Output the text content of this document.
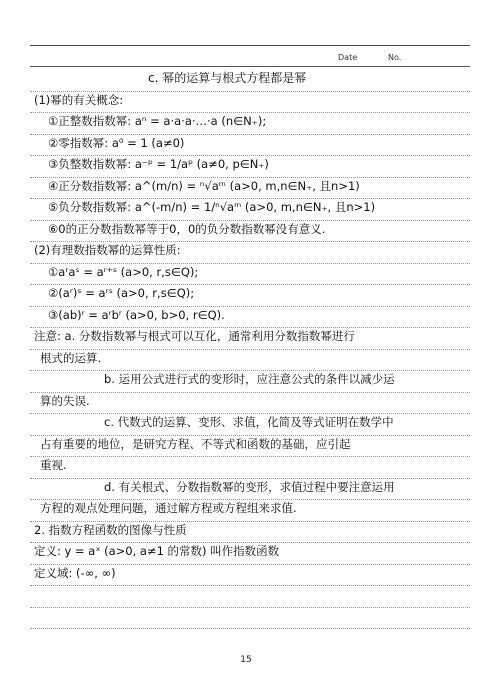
Date	No.
c. 幂的运算与根式方程都是幂
(1)幂的有关概念:
①正整数指数幂: aⁿ = a·a·a·…·a (n∈N₊);
②零指数幂: a⁰ = 1 (a≠0)
③负整数指数幂: a⁻ᵖ = 1/aᵖ (a≠0, p∈N₊)
④正分数指数幂: a^(m/n) = ⁿ√aᵐ (a>0, m,n∈N₊, 且n>1)
⑤负分数指数幂: a^(-m/n) = 1/ⁿ√aᵐ (a>0, m,n∈N₊, 且n>1)
⑥0的正分数指数幂等于0，0的负分数指数幂没有意义.
(2)有理数指数幂的运算性质:
①aʳaˢ = aʳ⁺ˢ (a>0, r,s∈Q);
②(aʳ)ˢ = aʳˢ (a>0, r,s∈Q);
③(ab)ʳ = aʳbʳ (a>0, b>0, r∈Q).
注意: a. 分数指数幂与根式可以互化，通常利用分数指数幂进行
根式的运算.
b. 运用公式进行式的变形时，应注意公式的条件以减少运
算的失误.
c. 代数式的运算、变形、求值，化简及等式证明在数学中
占有重要的地位，是研究方程、不等式和函数的基础，应引起
重视.
d. 有关根式、分数指数幂的变形，求值过程中要注意运用
方程的观点处理问题，通过解方程或方程组来求值.
2. 指数方程函数的图像与性质
定义: y = aˣ (a>0, a≠1 的常数) 叫作指数函数
定义域: (-∞, ∞)
15
